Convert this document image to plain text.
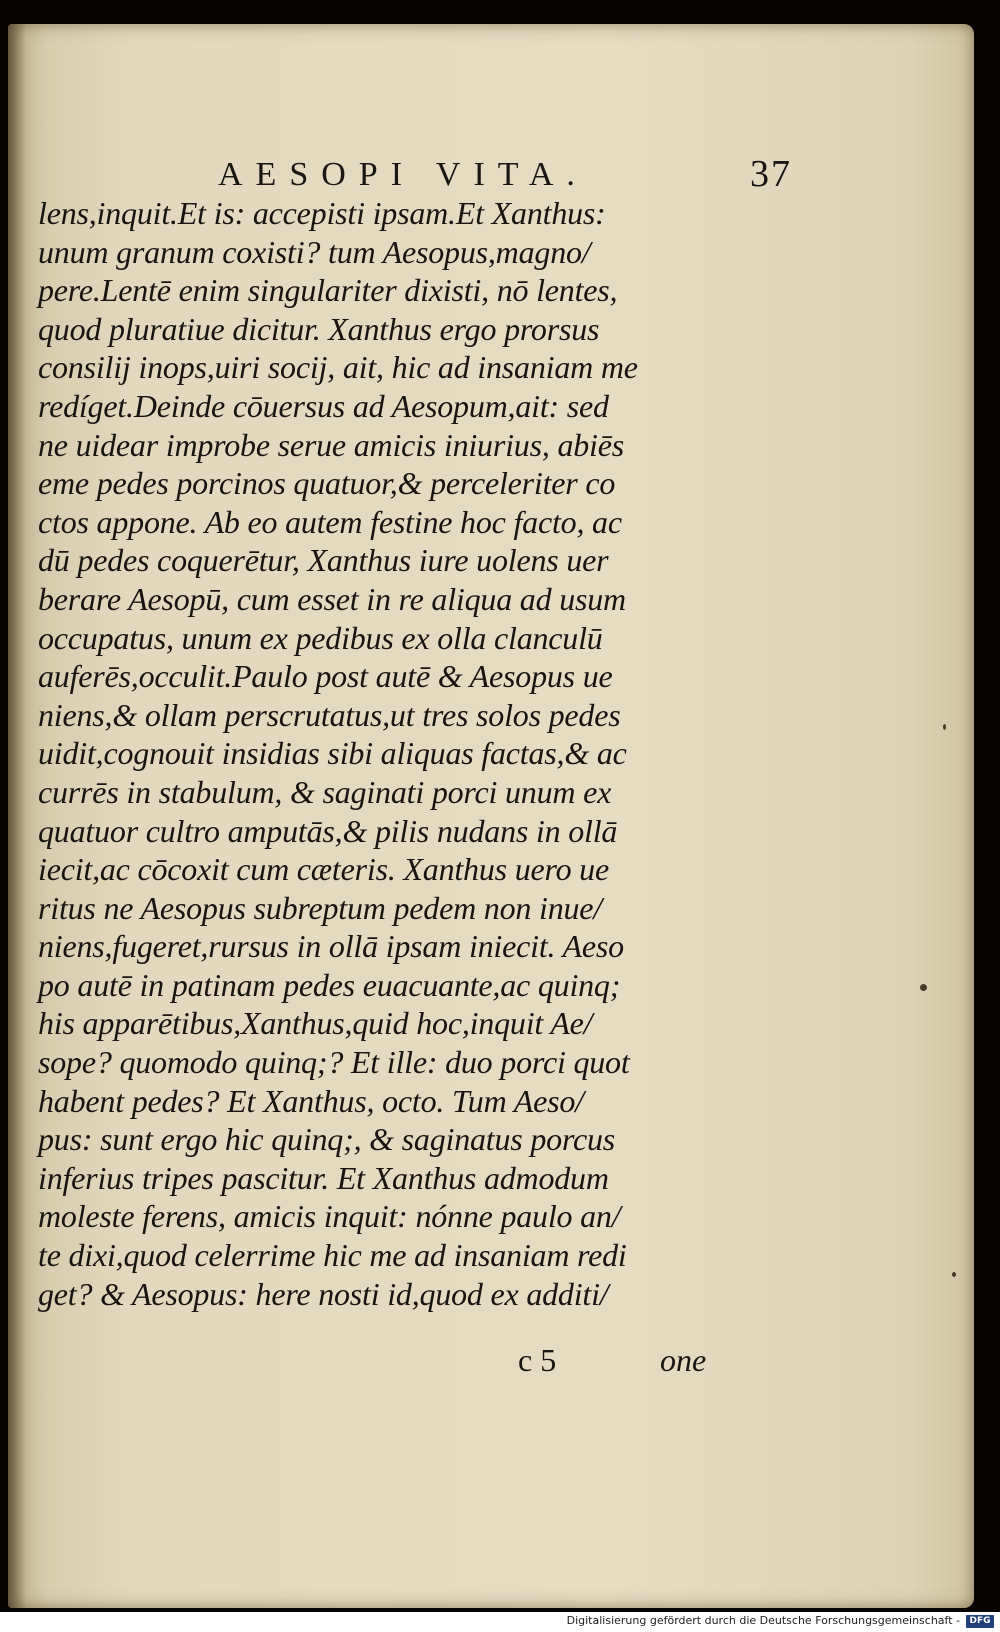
AESOPI VITA.	37
lens,inquit.Et is: accepisti ipsam.Et Xanthus:
unum granum coxisti? tum Aesopus,magno/
pere.Lentē enim singulariter dixisti, nō lentes,
quod pluratiue dicitur. Xanthus ergo prorsus
consilij inops,uiri socij, ait, hic ad insaniam me
redíget.Deinde cōuersus ad Aesopum,ait: sed
ne uidear improbe serue amicis iniurius, abiēs
eme pedes porcinos quatuor,& perceleriter co
ctos appone. Ab eo autem festine hoc facto, ac
dū pedes coquerētur, Xanthus iure uolens uer
berare Aesopū, cum esset in re aliqua ad usum
occupatus, unum ex pedibus ex olla clanculū
auferēs,occulit.Paulo post autē & Aesopus ue
niens,& ollam perscrutatus,ut tres solos pedes
uidit,cognouit insidias sibi aliquas factas,& ac
currēs in stabulum, & saginati porci unum ex
quatuor cultro amputās,& pilis nudans in ollā
iecit,ac cōcoxit cum cæteris. Xanthus uero ue
ritus ne Aesopus subreptum pedem non inue/
niens,fugeret,rursus in ollā ipsam iniecit. Aeso
po autē in patinam pedes euacuante,ac quinq;
his apparētibus,Xanthus,quid hoc,inquit Ae/
sope? quomodo quinq;? Et ille: duo porci quot
habent pedes? Et Xanthus, octo. Tum Aeso/
pus: sunt ergo hic quinq;, & saginatus porcus
inferius tripes pascitur. Et Xanthus admodum
moleste ferens, amicis inquit: nónne paulo an/
te dixi,quod celerrime hic me ad insaniam redi
get? & Aesopus: here nosti id,quod ex additi/
c 5	one
Digitalisierung gefördert durch die Deutsche Forschungsgemeinschaft -	DFG
